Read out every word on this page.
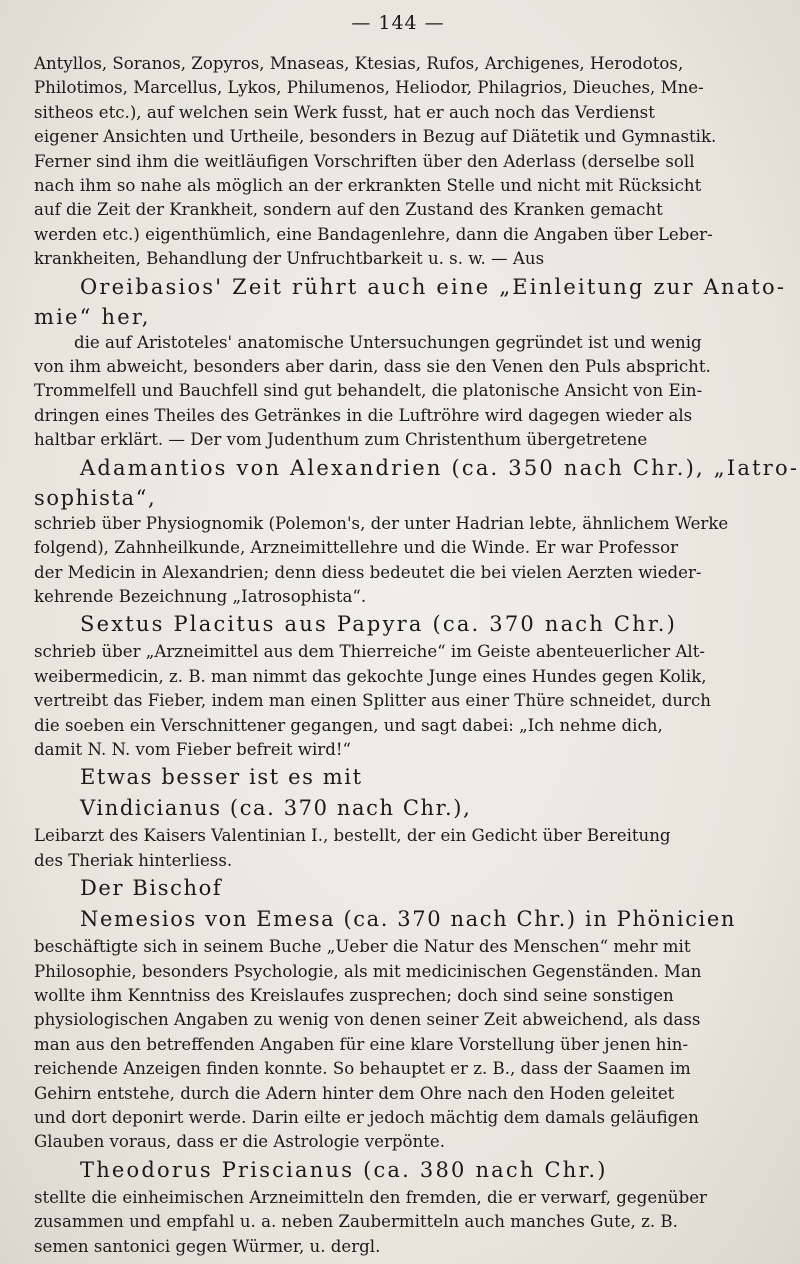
— 144 —
Antyllos, Soranos, Zopyros, Mnaseas, Ktesias, Rufos, Archigenes, Herodotos,
Philotimos, Marcellus, Lykos, Philumenos, Heliodor, Philagrios, Dieuches, Mne-
sitheos etc.), auf welchen sein Werk fusst, hat er auch noch das Verdienst
eigener Ansichten und Urtheile, besonders in Bezug auf Diätetik und Gymnastik.
Ferner sind ihm die weitläufigen Vorschriften über den Aderlass (derselbe soll
nach ihm so nahe als möglich an der erkrankten Stelle und nicht mit Rücksicht
auf die Zeit der Krankheit, sondern auf den Zustand des Kranken gemacht
werden etc.) eigenthümlich, eine Bandagenlehre, dann die Angaben über Leber-
krankheiten, Behandlung der Unfruchtbarkeit u. s. w. — Aus
Oreibasios' Zeit rührt auch eine „Einleitung zur Anato-
mie“ her,
die auf Aristoteles' anatomische Untersuchungen gegründet ist und wenig
von ihm abweicht, besonders aber darin, dass sie den Venen den Puls abspricht.
Trommelfell und Bauchfell sind gut behandelt, die platonische Ansicht von Ein-
dringen eines Theiles des Getränkes in die Luftröhre wird dagegen wieder als
haltbar erklärt. — Der vom Judenthum zum Christenthum übergetretene
Adamantios von Alexandrien (ca. 350 nach Chr.), „Iatro-
sophista“,
schrieb über Physiognomik (Polemon's, der unter Hadrian lebte, ähnlichem Werke
folgend), Zahnheilkunde, Arzneimittellehre und die Winde. Er war Professor
der Medicin in Alexandrien; denn diess bedeutet die bei vielen Aerzten wieder-
kehrende Bezeichnung „Iatrosophista“.
Sextus Placitus aus Papyra (ca. 370 nach Chr.)
schrieb über „Arzneimittel aus dem Thierreiche“ im Geiste abenteuerlicher Alt-
weibermedicin, z. B. man nimmt das gekochte Junge eines Hundes gegen Kolik,
vertreibt das Fieber, indem man einen Splitter aus einer Thüre schneidet, durch
die soeben ein Verschnittener gegangen, und sagt dabei: „Ich nehme dich,
damit N. N. vom Fieber befreit wird!“
Etwas besser ist es mit
Vindicianus (ca. 370 nach Chr.),
Leibarzt des Kaisers Valentinian I., bestellt, der ein Gedicht über Bereitung
des Theriak hinterliess.
Der Bischof
Nemesios von Emesa (ca. 370 nach Chr.) in Phönicien
beschäftigte sich in seinem Buche „Ueber die Natur des Menschen“ mehr mit
Philosophie, besonders Psychologie, als mit medicinischen Gegenständen. Man
wollte ihm Kenntniss des Kreislaufes zusprechen; doch sind seine sonstigen
physiologischen Angaben zu wenig von denen seiner Zeit abweichend, als dass
man aus den betreffenden Angaben für eine klare Vorstellung über jenen hin-
reichende Anzeigen finden konnte. So behauptet er z. B., dass der Saamen im
Gehirn entstehe, durch die Adern hinter dem Ohre nach den Hoden geleitet
und dort deponirt werde. Darin eilte er jedoch mächtig dem damals geläufigen
Glauben voraus, dass er die Astrologie verpönte.
Theodorus Priscianus (ca. 380 nach Chr.)
stellte die einheimischen Arzneimitteln den fremden, die er verwarf, gegenüber
zusammen und empfahl u. a. neben Zaubermitteln auch manches Gute, z. B.
semen santonici gegen Würmer, u. dergl.
